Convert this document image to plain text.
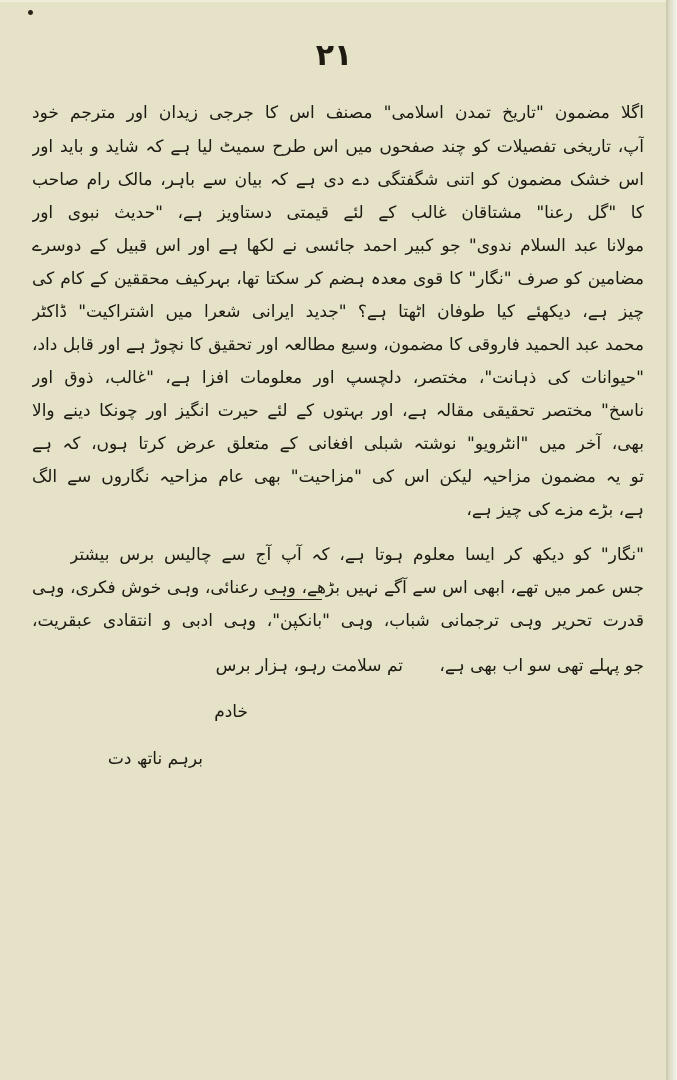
۲۱
اگلا مضمون "تاریخ تمدن اسلامی" مصنف اس کا جرجی زیدان اور مترجم خود
آپ، تاریخی تفصیلات کو چند صفحوں میں اس طرح سمیٹ لیا ہے کہ شاید و باید اور
اس خشک مضمون کو اتنی شگفتگی دے دی ہے کہ بیان سے باہر، مالک رام صاحب
کا "گل رعنا" مشتاقان غالب کے لئے قیمتی دستاویز ہے، "حدیث نبوی اور
مولانا عبد السلام ندوی" جو کبیر احمد جائسی نے لکھا ہے اور اس قبیل کے دوسرے
مضامین کو صرف "نگار" کا قوی معدہ ہضم کر سکتا تھا، بہرکیف محققین کے کام کی
چیز ہے، دیکھئے کیا طوفان اٹھتا ہے؟ "جدید ایرانی شعرا میں اشتراکیت" ڈاکٹر
محمد عبد الحمید فاروقی کا مضمون، وسیع مطالعہ اور تحقیق کا نچوڑ ہے اور قابل داد،
"حیوانات کی ذہانت"، مختصر، دلچسپ اور معلومات افزا ہے، "غالب، ذوق اور
ناسخ" مختصر تحقیقی مقالہ ہے، اور بہتوں کے لئے حیرت انگیز اور چونکا دینے والا
بھی، آخر میں "انٹرویو" نوشتہ شبلی افغانی کے متعلق عرض کرتا ہوں، کہ ہے
تو یہ مضمون مزاحیہ لیکن اس کی "مزاحیت" بھی عام مزاحیہ نگاروں سے الگ
ہے، بڑے مزے کی چیز ہے،
"نگار" کو دیکھ کر ایسا معلوم ہوتا ہے، کہ آپ آج سے چالیس برس بیشتر
جس عمر میں تھے، ابھی اس سے آگے نہیں بڑھے، وہی رعنائی، وہی خوش فکری، وہی
قدرت تحریر وہی ترجمانی شباب، وہی "بانکپن"، وہی ادبی و انتقادی عبقریت،
جو پہلے تھی سو اب بھی ہے،
تم سلامت رہو، ہزار برس
خادم
برہم ناتھ دت
